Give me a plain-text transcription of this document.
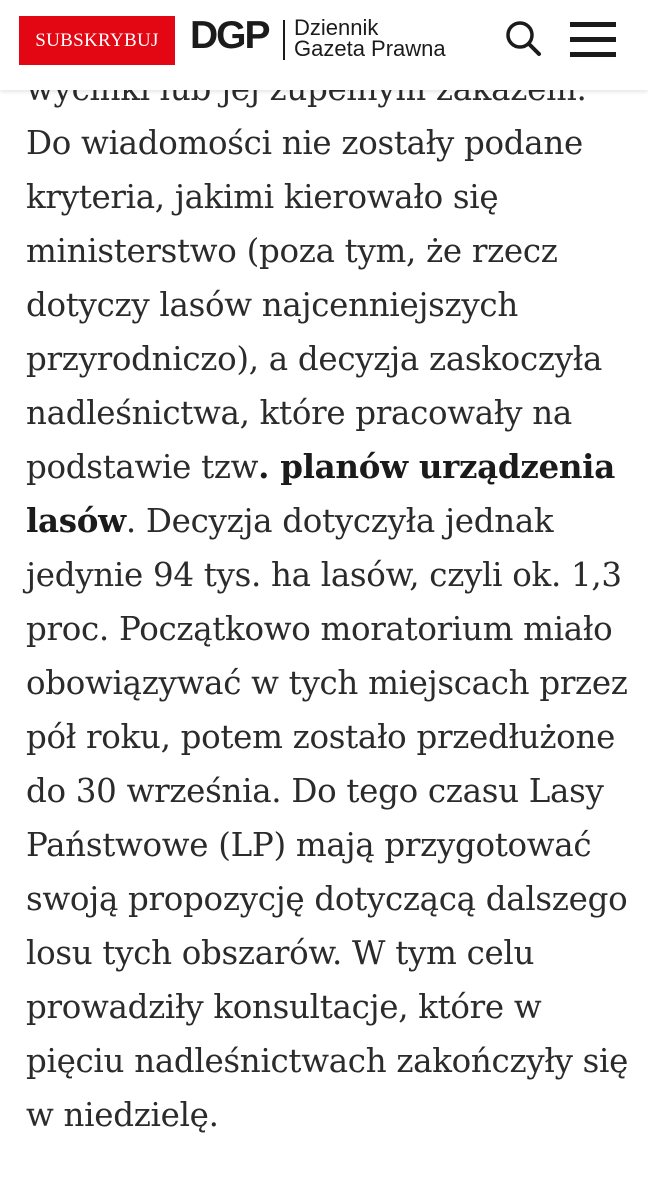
SUBSKRYBUJ DGP Dziennik
Gazeta Prawna

Do wiadomości nie zostały podane kryteria, jakimi kierowało się ministerstwo (poza tym, że rzecz dotyczy lasów najcenniejszych przyrodniczo), a decyzja zaskoczyła nadleśnictwa, które pracowały na podstawie tzw. planów urządzenia lasów. Decyzja dotyczyła jednak jedynie 94 tys. ha lasów, czyli ok. 1,3 proc. Początkowo moratorium miało obowiązywać w tych miejscach przez pół roku, potem zostało przedłużone do 30 września. Do tego czasu Lasy Państwowe (LP) mają przygotować swoją propozycję dotyczącą dalszego losu tych obszarów. W tym celu prowadziły konsultacje, które w pięciu nadleśnictwach zakończyły się w niedzielę.
